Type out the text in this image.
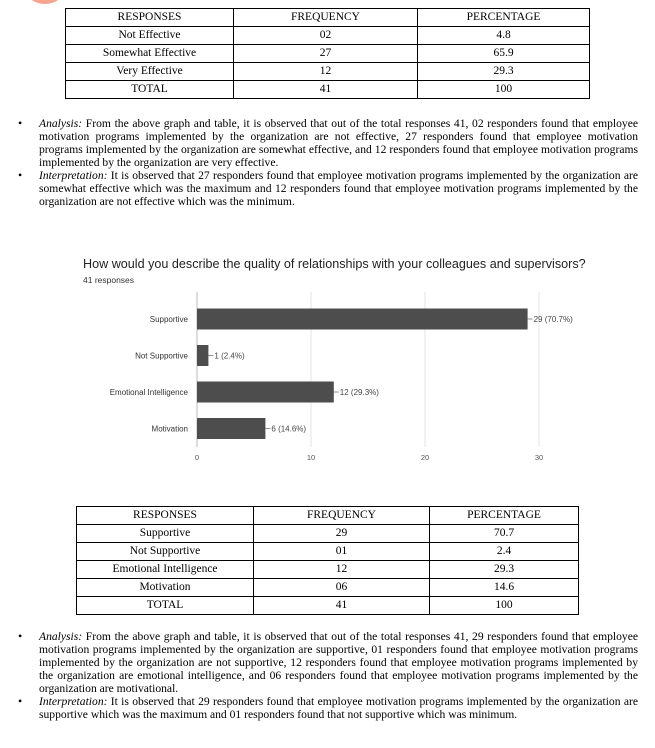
RESPONSES	FREQUENCY	PERCENTAGE
Not Effective	02	4.8
Somewhat Effective	27	65.9
Very Effective	12	29.3
TOTAL	41	100
• Analysis: From the above graph and table, it is observed that out of the total responses 41, 02 responders found that employee motivation programs implemented by the organization are not effective, 27 responders found that employee motivation programs implemented by the organization are somewhat effective, and 12 responders found that employee motivation programs implemented by the organization are very effective.
• Interpretation: It is observed that 27 responders found that employee motivation programs implemented by the organization are somewhat effective which was the maximum and 12 responders found that employee motivation programs implemented by the organization are not effective which was the minimum.
How would you describe the quality of relationships with your colleagues and supervisors?
41 responses
0	10	20	30
Supportive	29 (70.7%)
Not Supportive	1 (2.4%)
Emotional Intelligence	12 (29.3%)
Motivation	6 (14.6%)
RESPONSES	FREQUENCY	PERCENTAGE
Supportive	29	70.7
Not Supportive	01	2.4
Emotional Intelligence	12	29.3
Motivation	06	14.6
TOTAL	41	100
• Analysis: From the above graph and table, it is observed that out of the total responses 41, 29 responders found that employee motivation programs implemented by the organization are supportive, 01 responders found that employee motivation programs implemented by the organization are not supportive, 12 responders found that employee motivation programs implemented by the organization are emotional intelligence, and 06 responders found that employee motivation programs implemented by the organization are motivational.
• Interpretation: It is observed that 29 responders found that employee motivation programs implemented by the organization are supportive which was the maximum and 01 responders found that not supportive which was minimum.
